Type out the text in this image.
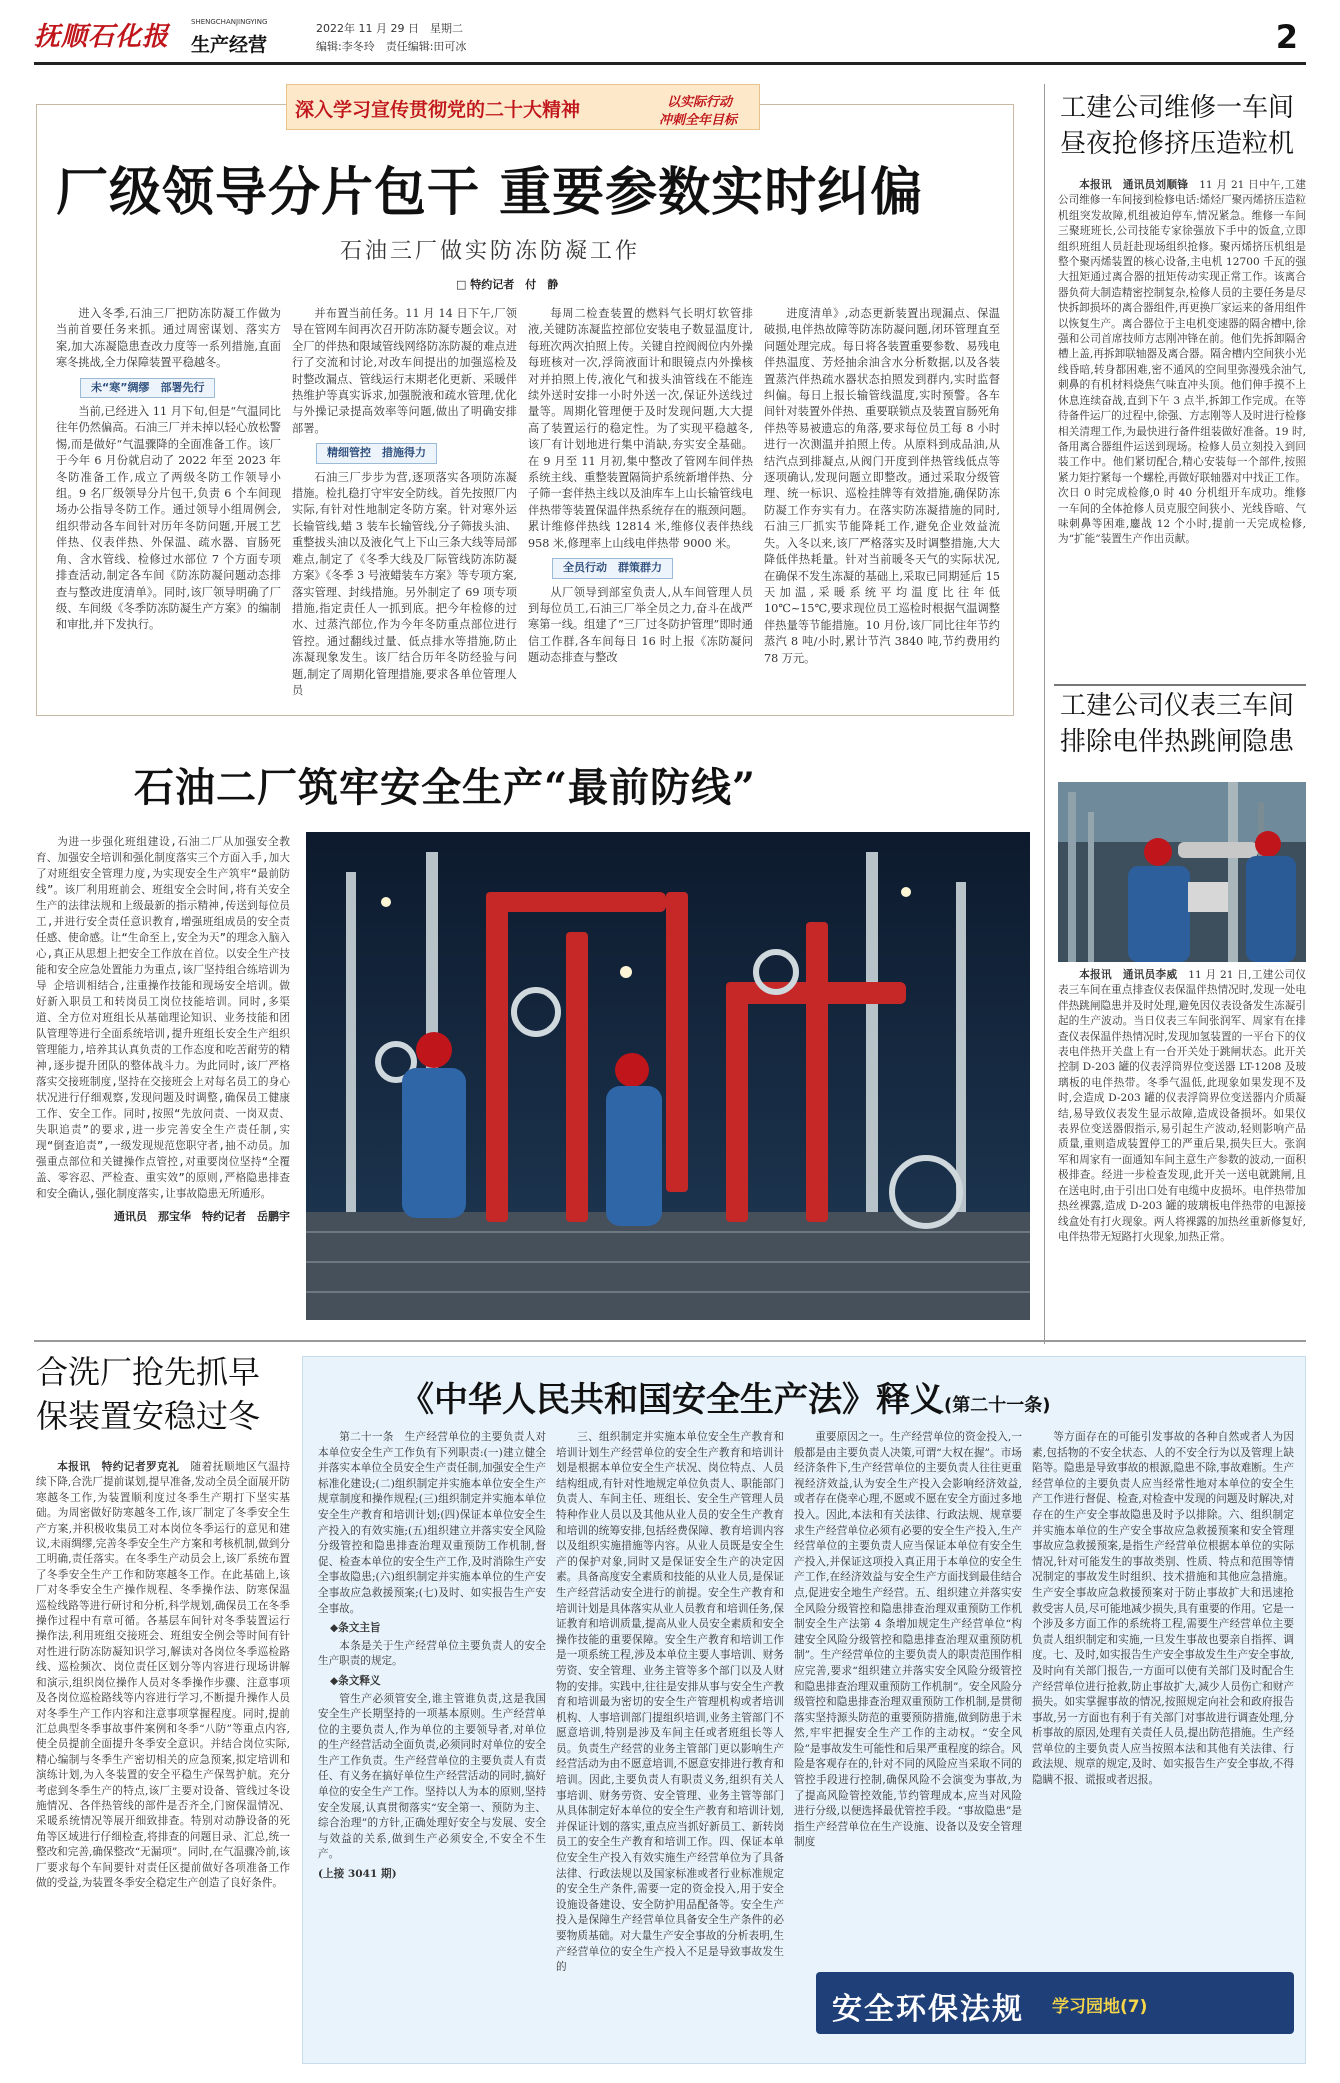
抚顺石化报	SHENGCHANJINGYING
生产经营
2022年 11 月 29 日　星期二
编辑:李冬玲　责任编辑:田可冰	2
深入学习宣传贯彻党的二十大精神	以实际行动
冲刺全年目标
厂级领导分片包干 重要参数实时纠偏
石油三厂做实防冻防凝工作
□ 特约记者　付　静

进入冬季,石油三厂把防冻防凝工作做为当前首要任务来抓。通过周密谋划、落实方案,加大冻凝隐患查改力度等一系列措施,直面寒冬挑战,全力保障装置平稳越冬。

未“寒”绸缪　部署先行

当前,已经进入 11 月下旬,但是“气温同比往年仍然偏高。石油三厂并未掉以轻心放松警惕,而是做好“气温骤降的全面准备工作。该厂于今年 6 月份就启动了 2022 年至 2023 年冬防准备工作,成立了两级冬防工作领导小组。9 名厂级领导分片包干,负责 6 个车间现场办公指导冬防工作。通过领导小组周例会,组织带动各车间针对历年冬防问题,开展工艺伴热、仪表伴热、外保温、疏水器、盲肠死角、含水管线、检修过水部位 7 个方面专项排查活动,制定各车间《防冻防凝问题动态排查与整改进度清单》。同时,该厂领导明确了厂级、车间级《冬季防冻防凝生产方案》的编制和审批,并下发执行。

并布置当前任务。11 月 14 日下午,厂领导在管网车间再次召开防冻防凝专题会议。对全厂的伴热和限域管线网络防冻防凝的难点进行了交流和讨论,对改车间提出的加强巡检及时整改漏点、管线运行末期老化更新、采暖伴热维护等真实诉求,加强脱液和疏水管理,优化与外操记录提高效率等问题,做出了明确安排部署。

精细管控　措施得力

石油三厂步步为营,逐项落实各项防冻凝措施。检扎稳打守牢安全防线。首先按照厂内实际,有针对性地制定冬防方案。针对寒外运长输管线,蜡 3 装车长输管线,分子筛拔头油、重整拔头油以及液化气上下山三条大线等局部难点,制定了《冬季大线及厂际管线防冻防凝方案》《冬季 3 号液蜡装车方案》等专项方案,落实管理、封线措施。另外制定了 69 项专项措施,指定责任人一抓到底。把今年检修的过水、过蒸汽部位,作为今年冬防重点部位进行管控。通过翻线过量、低点排水等措施,防止冻凝现象发生。该厂结合历年冬防经验与问题,制定了周期化管理措施,要求各单位管理人员

每周二检查装置的燃料气长明灯软管排液,关键防冻凝监控部位安装电子数显温度计,每班次两次拍照上传。关键自控阀阀位内外操每班核对一次,浮筒液面计和眼镜点内外操核对并拍照上传,液化气和拔头油管线在不能连续外送时安排一小时外送一次,保证外送线过量等。周期化管理便于及时发现问题,大大提高了装置运行的稳定性。为了实现平稳越冬,该厂有计划地进行集中消缺,夯实安全基础。在 9 月至 11 月初,集中整改了管网车间伴热系统主线、重整装置隔筒护系统新增伴热、分子筛一套伴热主线以及油库车上山长输管线电伴热带等装置保温伴热系统存在的瓶颈问题。累计维修伴热线 12814 米,维修仪表伴热线 958 米,修理率上山线电伴热带 9000 米。

全员行动　群策群力

从厂领导到部室负责人,从车间管理人员到每位员工,石油三厂举全员之力,奋斗在战严寒第一线。组建了“三厂过冬防护管理”即时通信工作群,各车间每日 16 时上报《冻防凝问题动态排查与整改

进度清单》,动态更新装置出现漏点、保温破损,电伴热故障等防冻防凝问题,闭环管理直至问题处理完成。每日将各装置重要参数、易残电伴热温度、芳烃抽余油含水分析数据,以及各装置蒸汽伴热疏水器状态拍照发到群内,实时监督纠偏。每日上报长输管线温度,实时预警。各车间针对装置外伴热、重要联锁点及装置盲肠死角伴热等易被遗忘的角落,要求每位员工每 8 小时进行一次测温并拍照上传。从原料到成品油,从结汽点到排凝点,从阀门开度到伴热管线低点等逐项确认,发现问题立即整改。通过采取分级管理、统一标识、巡检挂牌等有效措施,确保防冻防凝工作夯实有力。在落实防冻凝措施的同时,石油三厂抓实节能降耗工作,避免企业效益流失。入冬以来,该厂严格落实及时调整措施,大大降低伴热耗量。针对当前暖冬天气的实际状况,在确保不发生冻凝的基础上,采取已同期延后 15 天加温,采暖系统平均温度比往年低 10℃~15℃,要求现位员工巡检时根据气温调整伴热量等节能措施。10 月份,该厂同比往年节约蒸汽 8 吨/小时,累计节汽 3840 吨,节约费用约 78 万元。

工建公司维修一车间
昼夜抢修挤压造粒机

本报讯　通讯员刘顺锋　 11 月 21 日中午,工建公司维修一车间接到检修电话:烯烃厂聚丙烯挤压造粒机组突发故障,机组被迫停车,情况紧急。维修一车间三聚班班长,公司技能专家徐强放下手中的饭盒,立即组织班组人员赶赴现场组织抢修。聚丙烯挤压机组是整个聚丙烯装置的核心设备,主电机 12700 千瓦的强大扭矩通过离合器的扭矩传动实现正常工作。该离合器负荷大制造精密控制复杂,检修人员的主要任务是尽快拆卸损坏的离合器组件,再更换厂家运来的备用组件以恢复生产。离合器位于主电机变速器的隔舍槽中,徐强和公司首席技师方志刚冲锋在前。他们先拆卸隔舍槽上盖,再拆卸联轴器及离合器。隔舍槽内空间狭小光线昏暗,转身都困难,密不通风的空间里弥漫残余油气,刺鼻的有机材料烧焦气味直冲头顶。他们伸手摸不上休息连续奋战,直到下午 3 点半,拆卸工作完成。在等待备件运厂的过程中,徐强、方志刚等人及时进行检修相关清理工作,为最快进行备件组装做好准备。19 时,备用离合器组件运送到现场。检修人员立刻投入到回装工作中。他们紧切配合,精心安装每一个部件,按照紧力矩拧紧每一个螺栓,再做好联轴器对中找正工作。次日 0 时完成检修,0 时 40 分机组开车成功。维修一车间的全体抢修人员克服空间狭小、光线昏暗、气味刺鼻等困难,鏖战 12 个小时,提前一天完成检修,为“扩能”装置生产作出贡献。

工建公司仪表三车间
排除电伴热跳闸隐患

本报讯　通讯员李威　 11 月 21 日,工建公司仪表三车间在重点排查仪表保温伴热情况时,发现一处电伴热跳闸隐患并及时处理,避免因仪表设备发生冻凝引起的生产波动。当日仪表三车间张润军、周家有在排查仪表保温伴热情况时,发现加氢装置的一平台下的仪表电伴热开关盘上有一台开关处于跳闸状态。此开关控制 D-203 罐的仪表浮筒界位变送器 LT-1208 及玻璃板的电伴热带。冬季气温低,此现象如果发现不及时,会造成 D-203 罐的仪表浮筒界位变送器内介质凝结,易导致仪表发生显示故障,造成设备损坏。如果仪表界位变送器假指示,易引起生产波动,轻则影响产品质量,重则造成装置停工的严重后果,损失巨大。张润军和周家有一面通知车间主意生产参数的波动,一面积极排查。经进一步检查发现,此开关一送电就跳闸,且在送电时,由于引出口处有电缆中皮损坏。电伴热带加热丝裸露,造成 D-203 罐的玻璃板电伴热带的电源接线盒处有打火现象。两人将裸露的加热丝重新修复好,电伴热带无短路打火现象,加热正常。

石油二厂筑牢安全生产“最前防线”
为进一步强化班组建设,石油二厂从加强安全教育、加强安全培训和强化制度落实三个方面入手,加大了对班组安全管理力度,为实现安全生产筑牢“最前防线”。该厂利用班前会、班组安全会时间,将有关安全生产的法律法规和上级最新的指示精神,传送到每位员工,并进行安全责任意识教育,增强班组成员的安全责任感、使命感。让“生命至上,安全为天”的理念入脑入心,真正从思想上把安全工作放在首位。以安全生产技能和安全应急处置能力为重点,该厂坚持组合练培训为导 企培训相结合,注重操作技能和现场安全培训。做好新入职员工和转岗员工岗位技能培训。同时,多渠道、全方位对班组长从基础理论知识、业务技能和团队管理等进行全面系统培训,提升班组长安全生产组织管理能力,培养其认真负责的工作态度和吃苦耐劳的精神,逐步提升团队的整体战斗力。为此同时,该厂严格落实交接班制度,坚持在交接班会上对每名员工的身心状况进行仔细观察,发现问题及时调整,确保员工健康工作、安全工作。同时,按照“先放问责、一岗双责、失职追责”的要求,进一步完善安全生产责任制,实现“倒查追责”,一级发现规范您职守者,抽不动员。加强重点部位和关键操作点管控,对重要岗位坚持“全覆盖、零容忍、严检查、重实效”的原则,严格隐患排查和安全确认,强化制度落实,让事故隐患无所遁形。
通讯员　那宝华　特约记者　岳鹏宇
合洗厂抢先抓早
保装置安稳过冬

本报讯　特约记者罗克礼　 随着抚顺地区气温持续下降,合洗厂提前谋划,提早准备,发动全员全面展开防寒越冬工作,为装置顺利度过冬季生产期打下坚实基础。为周密做好防寒越冬工作,该厂制定了冬季安全生产方案,并积极收集员工对本岗位冬季运行的意见和建议,未雨绸缪,完善冬季安全生产方案和考核机制,做到分工明确,责任落实。在冬季生产动员会上,该厂系统布置了冬季安全生产工作和防寒越冬工作。在此基础上,该厂对冬季安全生产操作规程、冬季操作法、防寒保温巡检线路等进行研讨和分析,科学规划,确保员工在冬季操作过程中有章可循。各基层车间针对冬季装置运行操作法,利用班组交接班会、班组安全例会等时间有针对性进行防冻防凝知识学习,解读对各岗位冬季巡检路线、巡检频次、岗位责任区划分等内容进行现场讲解和演示,组织岗位操作人员对冬季操作步骤、注意事项及各岗位巡检路线等内容进行学习,不断提升操作人员对冬季生产工作内容和注意事项掌握程度。同时,提前汇总典型冬季事故事件案例和冬季“八防”等重点内容,使全员提前全面提升冬季安全意识。并结合岗位实际,精心编制与冬季生产密切相关的应急预案,拟定培训和演练计划,为入冬装置的安全平稳生产保驾护航。充分考虑到冬季生产的特点,该厂主要对设备、管线过冬设施情况、各伴热管线的部件是否齐全,门窗保温情况、采暖系统情况等展开细致排查。特别对动静设备的死角等区域进行仔细检查,将排查的问题目录、汇总,统一整改和完善,确保整改“无漏项”。同时,在气温骤冷前,该厂要求每个车间要针对责任区提前做好各项准备工作做的受益,为装置冬季安全稳定生产创造了良好条件。

《中华人民共和国安全生产法》释义(第二十一条)

第二十一条　生产经营单位的主要负责人对本单位安全生产工作负有下列职责:(一)建立健全并落实本单位全员安全生产责任制,加强安全生产标准化建设;(二)组织制定并实施本单位安全生产规章制度和操作规程;(三)组织制定并实施本单位安全生产教育和培训计划;(四)保证本单位安全生产投入的有效实施;(五)组织建立并落实安全风险分级管控和隐患排查治理双重预防工作机制,督促、检查本单位的安全生产工作,及时消除生产安全事故隐患;(六)组织制定并实施本单位的生产安全事故应急救援预案;(七)及时、如实报告生产安全事故。

◆条文主旨

本条是关于生产经营单位主要负责人的安全生产职责的规定。

◆条文释义

管生产必须管安全,谁主管谁负责,这是我国安全生产长期坚持的一项基本原则。生产经营单位的主要负责人,作为单位的主要领导者,对单位的生产经营活动全面负责,必须同时对单位的安全生产工作负责。生产经营单位的主要负责人有责任、有义务在搞好单位生产经营活动的同时,搞好单位的安全生产工作。坚持以人为本的原则,坚持安全发展,认真贯彻落实“安全第一、预防为主、综合治理”的方针,正确处理好安全与发展、安全与效益的关系,做到生产必须安全,不安全不生产。

(上接 3041 期)

三、组织制定并实施本单位安全生产教育和培训计划生产经营单位的安全生产教育和培训计划是根据本单位安全生产状况、岗位特点、人员结构组成,有针对性地规定单位负责人、职能部门负责人、车间主任、班组长、安全生产管理人员特种作业人员以及其他从业人员的安全生产教育和培训的统筹安排,包括经费保障、教育培训内容以及组织实施措施等内容。从业人员既是安全生产的保护对象,同时又是保证安全生产的决定因素。具备高度安全素质和技能的从业人员,是保证生产经营活动安全进行的前提。安全生产教育和培训计划是具体落实从业人员教育和培训任务,保证教育和培训质量,提高从业人员安全素质和安全操作技能的重要保障。安全生产教育和培训工作是一项系统工程,涉及本单位主要人事培训、财务劳资、安全管理、业务主管等多个部门以及人财物的安排。实践中,往往是安排从事与安全生产教育和培训最为密切的安全生产管理机构或者培训机构、人事培训部门提组织培训,业务主管部门不愿意培训,特别是涉及车间主任或者班组长等人员。负责生产经营的业务主管部门更以影响生产经营活动为由不愿意培训,不愿意安排进行教育和培训。因此,主要负责人有职责义务,组织有关人事培训、财务劳资、安全管理、业务主管等部门从具体制定好本单位的安全生产教育和培训计划,并保证计划的落实,重点应当抓好新员工、新转岗员工的安全生产教育和培训工作。四、保证本单位安全生产投入有效实施生产经营单位为了具备法律、行政法规以及国家标准或者行业标准规定的安全生产条件,需要一定的资金投入,用于安全设施设备建设、安全防护用品配备等。安全生产投入是保障生产经营单位具备安全生产条件的必要物质基础。对大量生产安全事故的分析表明,生产经营单位的安全生产投入不足是导致事故发生的

重要原因之一。生产经营单位的资金投入,一般都是由主要负责人决策,可谓“大权在握”。市场经济条件下,生产经营单位的主要负责人往往更重视经济效益,认为安全生产投入会影响经济效益,或者存在侥幸心理,不愿或不愿在安全方面过多地投入。因此,本法和有关法律、行政法规、规章要求生产经营单位必须有必要的安全生产投入,生产经营单位的主要负责人应当保证本单位有安全生产投入,并保证这项投入真正用于本单位的安全生产工作,在经济效益与安全生产方面找到最佳结合点,促进安全地生产经营。五、组织建立并落实安全风险分级管控和隐患排查治理双重预防工作机制安全生产法第 4 条增加规定生产经营单位“构建安全风险分级管控和隐患排查治理双重预防机制”。生产经营单位的主要负责人的职责范围作相应完善,要求“组织建立并落实安全风险分级管控和隐患排查治理双重预防工作机制”。安全风险分级管控和隐患排查治理双重预防工作机制,是贯彻落实坚持源头防范的重要预防措施,做到防患于未然,牢牢把握安全生产工作的主动权。“安全风险”是事故发生可能性和后果严重程度的综合。风险是客观存在的,针对不同的风险应当采取不同的管控手段进行控制,确保风险不会演变为事故,为了提高风险管控效能,节约管理成本,应当对风险进行分级,以便选择最优管控手段。“事故隐患”是指生产经营单位在生产设施、设备以及安全管理制度

等方面存在的可能引发事故的各种自然或者人为因素,包括物的不安全状态、人的不安全行为以及管理上缺陷等。隐患是导致事故的根源,隐患不除,事故难断。生产经营单位的主要负责人应当经常性地对本单位的安全生产工作进行督促、检查,对检查中发现的问题及时解决,对存在的生产安全事故隐患及时予以排除。六、组织制定并实施本单位的生产安全事故应急救援预案和安全管理事故应急救援预案,是指生产经营单位根据本单位的实际情况,针对可能发生的事故类别、性质、特点和范围等情况制定的事故发生时组织、技术措施和其他应急措施。生产安全事故应急救援预案对于防止事故扩大和迅速抢救受害人员,尽可能地减少损失,具有重要的作用。它是一个涉及多方面工作的系统将工程,需要生产经营单位主要负责人组织制定和实施,一旦发生事故也要亲自指挥、调度。七、及时,如实报告生产安全事故发生生产安全事故,及时向有关部门报告,一方面可以使有关部门及时配合生产经营单位进行抢救,防止事故扩大,减少人员伤亡和财产损失。如实掌握事故的情况,按照规定向社会和政府报告事故,另一方面也有利于有关部门对事故进行调查处理,分析事故的原因,处理有关责任人员,提出防范措施。生产经营单位的主要负责人应当按照本法和其他有关法律、行政法规、规章的规定,及时、如实报告生产安全事故,不得隐瞒不报、谎报或者迟报。

安全环保法规 学习园地(7)
